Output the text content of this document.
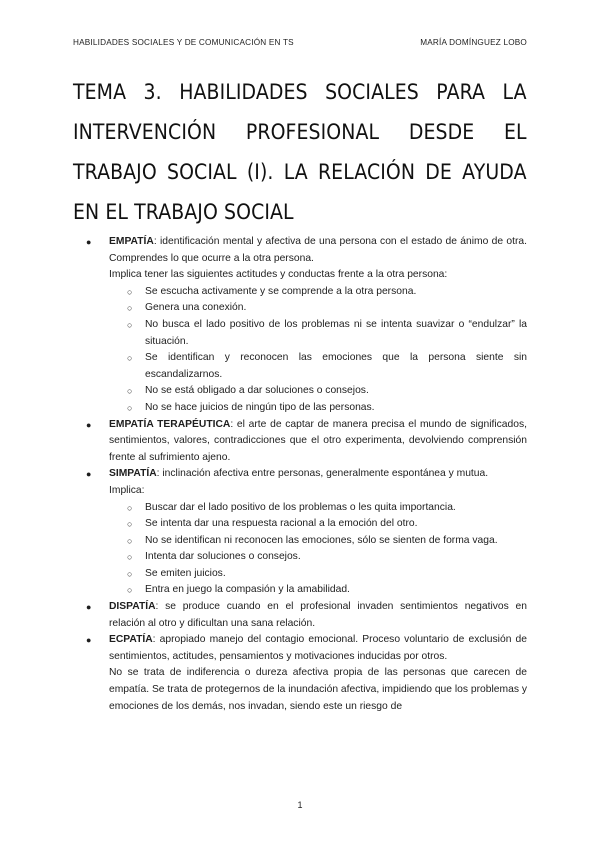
HABILIDADES SOCIALES Y DE COMUNICACIÓN EN TS	MARÍA DOMÍNGUEZ LOBO
TEMA 3. HABILIDADES SOCIALES PARA LA INTERVENCIÓN PROFESIONAL DESDE EL TRABAJO SOCIAL (I). LA RELACIÓN DE AYUDA EN EL TRABAJO SOCIAL
● EMPATÍA: identificación mental y afectiva de una persona con el estado de ánimo de otra. Comprendes lo que ocurre a la otra persona.
Implica tener las siguientes actitudes y conductas frente a la otra persona:
○ Se escucha activamente y se comprende a la otra persona.
○ Genera una conexión.
○ No busca el lado positivo de los problemas ni se intenta suavizar o “endulzar” la situación.
○ Se identifican y reconocen las emociones que la persona siente sin escandalizarnos.
○ No se está obligado a dar soluciones o consejos.
○ No se hace juicios de ningún tipo de las personas.
● EMPATÍA TERAPÉUTICA: el arte de captar de manera precisa el mundo de significados, sentimientos, valores, contradicciones que el otro experimenta, devolviendo comprensión frente al sufrimiento ajeno.
● SIMPATÍA: inclinación afectiva entre personas, generalmente espontánea y mutua.
Implica:
○ Buscar dar el lado positivo de los problemas o les quita importancia.
○ Se intenta dar una respuesta racional a la emoción del otro.
○ No se identifican ni reconocen las emociones, sólo se sienten de forma vaga.
○ Intenta dar soluciones o consejos.
○ Se emiten juicios.
○ Entra en juego la compasión y la amabilidad.
● DISPATÍA: se produce cuando en el profesional invaden sentimientos negativos en relación al otro y dificultan una sana relación.
● ECPATÍA: apropiado manejo del contagio emocional. Proceso voluntario de exclusión de sentimientos, actitudes, pensamientos y motivaciones inducidas por otros.
No se trata de indiferencia o dureza afectiva propia de las personas que carecen de empatía. Se trata de protegernos de la inundación afectiva, impidiendo que los problemas y emociones de los demás, nos invadan, siendo este un riesgo de
1
